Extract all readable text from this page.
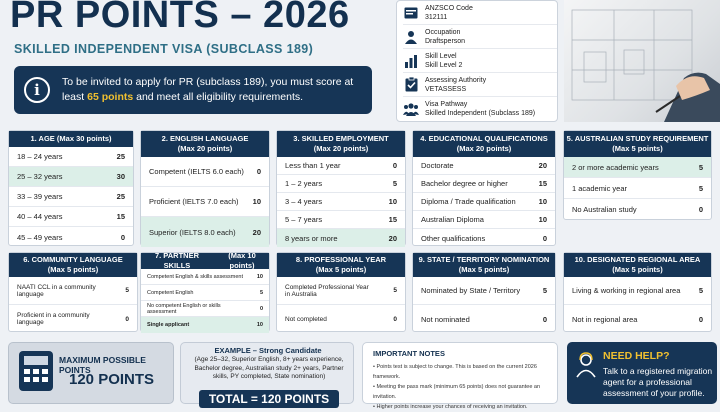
PR POINTS – 2026
SKILLED INDEPENDENT VISA (SUBCLASS 189)
i	To be invited to apply for PR (subclass 189), you must score at least 65 points and meet all eligibility requirements.
ANZSCO Code
312111
Occupation
Draftsperson
Skill Level
Skill Level 2
Assessing Authority
VETASSESS
Visa Pathway
Skilled Independent (Subclass 189)
1. AGE
(Max 30 points)
18 – 24 years	25
25 – 32 years	30
33 – 39 years	25
40 – 44 years	15
45 – 49 years	0
2. ENGLISH LANGUAGE
(Max 20 points)
Competent (IELTS 6.0 each)	0
Proficient (IELTS 7.0 each)	10
Superior (IELTS 8.0 each)	20
3. SKILLED EMPLOYMENT
(Max 20 points)
Less than 1 year	0
1 – 2 years	5
3 – 4 years	10
5 – 7 years	15
8 years or more	20
4. EDUCATIONAL QUALIFICATIONS
(Max 20 points)
Doctorate	20
Bachelor degree or higher	15
Diploma / Trade qualification	10
Australian Diploma	10
Other qualifications	0
5. AUSTRALIAN STUDY REQUIREMENT
(Max 5 points)
2 or more academic years	5
1 academic year	5
No Australian study	0
6. COMMUNITY LANGUAGE
(Max 5 points)
NAATI CCL in a community language	5
Proficient in a community language	0
7. PARTNER SKILLS

(Max 10 points)
Competent English & skills assessment	10
Competent English	5
No competent English or skills assessment	0
Single applicant	10
8. PROFESSIONAL YEAR
(Max 5 points)
Completed Professional Year in Australia	5
Not completed	0
9. STATE / TERRITORY NOMINATION
(Max 5 points)
Nominated by State / Territory	5
Not nominated	0
10. DESIGNATED REGIONAL AREA
(Max 5 points)
Living & working in regional area	5
Not in regional area	0
MAXIMUM POSSIBLE POINTS
120 POINTS
EXAMPLE – Strong Candidate
(Age 25–32, Superior English, 8+ years experience, Bachelor degree, Australian study 2+ years, Partner skills, PY completed, State nomination)
TOTAL = 120 POINTS
IMPORTANT NOTES
• Points test is subject to change. This is based on the current 2026 framework.
• Meeting the pass mark (minimum 65 points) does not guarantee an invitation.
• Higher points increase your chances of receiving an invitation.
NEED HELP?
Talk to a registered migration agent for a professional assessment of your profile.
